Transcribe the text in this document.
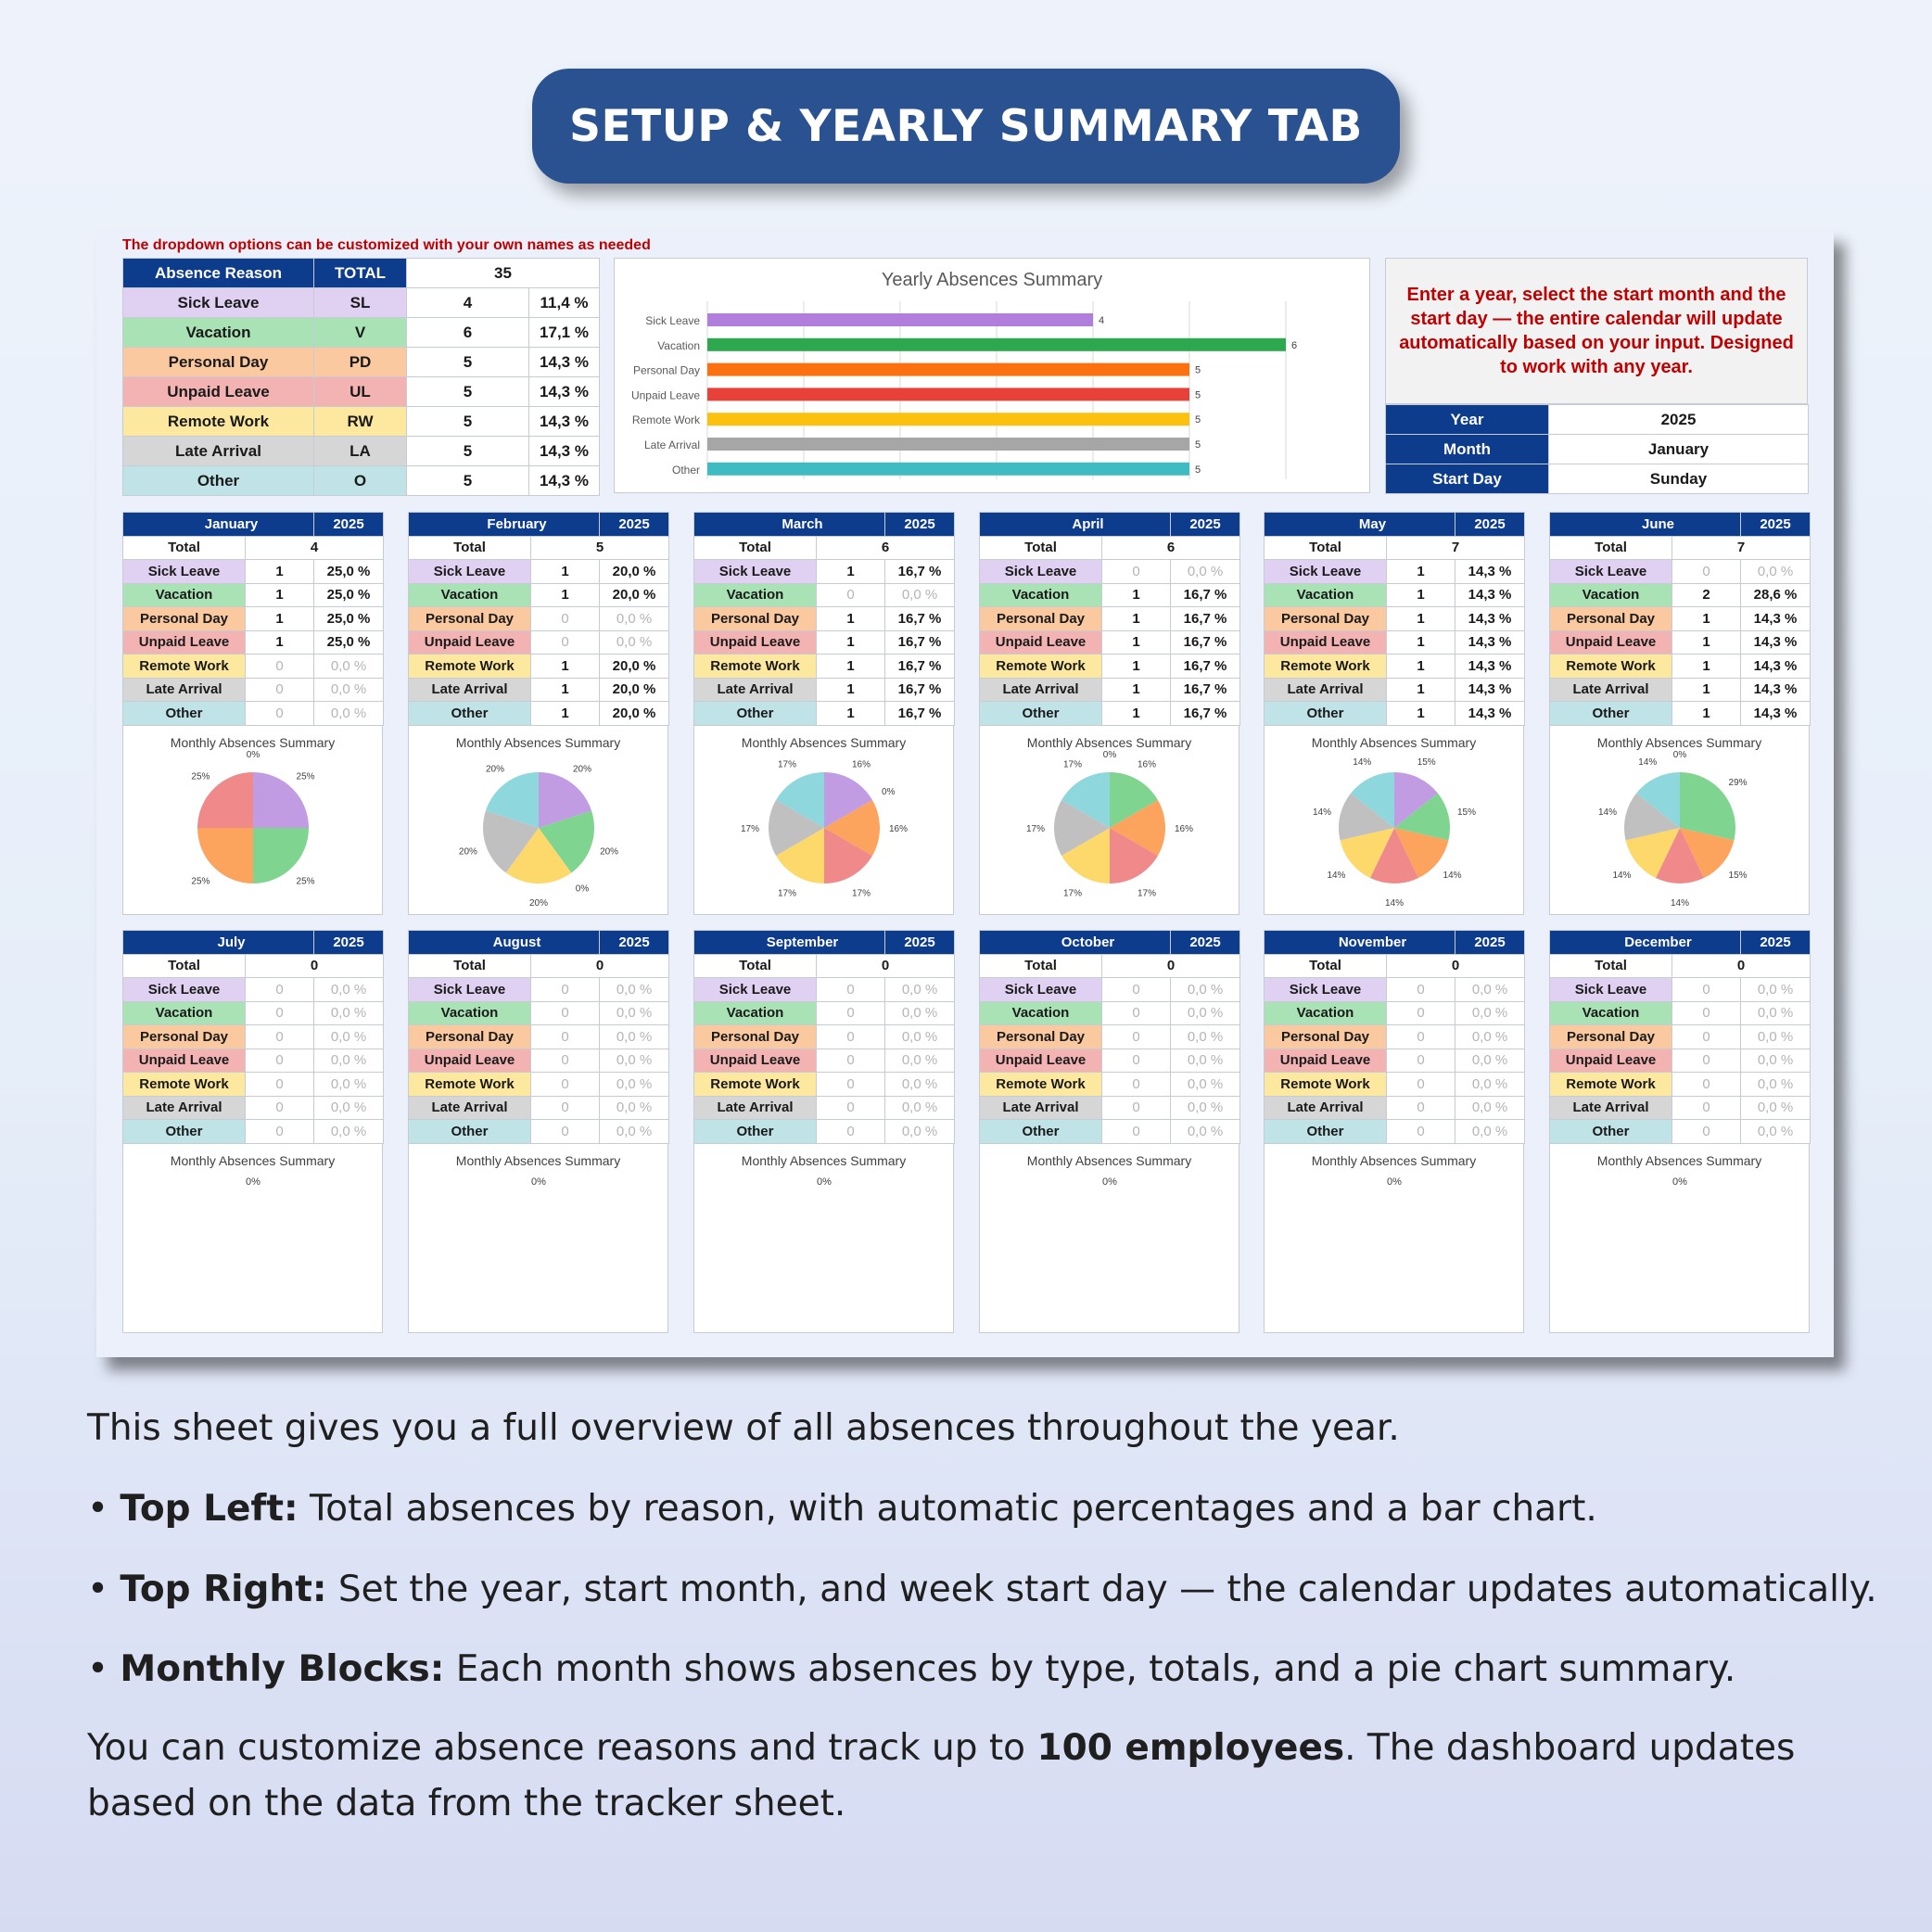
SETUP & YEARLY SUMMARY TAB
The dropdown options can be customized with your own names as needed
Absence Reason	TOTAL	35	
Sick Leave	SL	4	11,4 %
Vacation	V	6	17,1 %
Personal Day	PD	5	14,3 %
Unpaid Leave	UL	5	14,3 %
Remote Work	RW	5	14,3 %
Late Arrival	LA	5	14,3 %
Other	O	5	14,3 %
Yearly Absences Summary
Sick Leave	4
Vacation	6
Personal Day	5
Unpaid Leave	5
Remote Work	5
Late Arrival	5
Other	5
Enter a year, select the start month and the start day — the entire calendar will update automatically based on your input. Designed to work with any year.
Year	2025
Month	January
Start Day	Sunday
January		2025
Total	4	
Sick Leave	1	25,0 %
Vacation	1	25,0 %
Personal Day	1	25,0 %
Unpaid Leave	1	25,0 %
Remote Work	0	0,0 %
Late Arrival	0	0,0 %
Other	0	0,0 %
Monthly Absences Summary
25%
25%
25%
25%
0%
February		2025
Total	5	
Sick Leave	1	20,0 %
Vacation	1	20,0 %
Personal Day	0	0,0 %
Unpaid Leave	0	0,0 %
Remote Work	1	20,0 %
Late Arrival	1	20,0 %
Other	1	20,0 %
Monthly Absences Summary
20%
20%
0%
20%
20%
20%
March		2025
Total	6	
Sick Leave	1	16,7 %
Vacation	0	0,0 %
Personal Day	1	16,7 %
Unpaid Leave	1	16,7 %
Remote Work	1	16,7 %
Late Arrival	1	16,7 %
Other	1	16,7 %
Monthly Absences Summary
16%
0%
16%
17%
17%
17%
17%
April		2025
Total	6	
Sick Leave	0	0,0 %
Vacation	1	16,7 %
Personal Day	1	16,7 %
Unpaid Leave	1	16,7 %
Remote Work	1	16,7 %
Late Arrival	1	16,7 %
Other	1	16,7 %
Monthly Absences Summary
0%
16%
16%
17%
17%
17%
17%
May		2025
Total	7	
Sick Leave	1	14,3 %
Vacation	1	14,3 %
Personal Day	1	14,3 %
Unpaid Leave	1	14,3 %
Remote Work	1	14,3 %
Late Arrival	1	14,3 %
Other	1	14,3 %
Monthly Absences Summary
15%
15%
14%
14%
14%
14%
14%
June		2025
Total	7	
Sick Leave	0	0,0 %
Vacation	2	28,6 %
Personal Day	1	14,3 %
Unpaid Leave	1	14,3 %
Remote Work	1	14,3 %
Late Arrival	1	14,3 %
Other	1	14,3 %
Monthly Absences Summary
0%
29%
15%
14%
14%
14%
14%
July		2025
Total	0	
Sick Leave	0	0,0 %
Vacation	0	0,0 %
Personal Day	0	0,0 %
Unpaid Leave	0	0,0 %
Remote Work	0	0,0 %
Late Arrival	0	0,0 %
Other	0	0,0 %
Monthly Absences Summary
0%
August		2025
Total	0	
Sick Leave	0	0,0 %
Vacation	0	0,0 %
Personal Day	0	0,0 %
Unpaid Leave	0	0,0 %
Remote Work	0	0,0 %
Late Arrival	0	0,0 %
Other	0	0,0 %
Monthly Absences Summary
0%
September		2025
Total	0	
Sick Leave	0	0,0 %
Vacation	0	0,0 %
Personal Day	0	0,0 %
Unpaid Leave	0	0,0 %
Remote Work	0	0,0 %
Late Arrival	0	0,0 %
Other	0	0,0 %
Monthly Absences Summary
0%
October		2025
Total	0	
Sick Leave	0	0,0 %
Vacation	0	0,0 %
Personal Day	0	0,0 %
Unpaid Leave	0	0,0 %
Remote Work	0	0,0 %
Late Arrival	0	0,0 %
Other	0	0,0 %
Monthly Absences Summary
0%
November		2025
Total	0	
Sick Leave	0	0,0 %
Vacation	0	0,0 %
Personal Day	0	0,0 %
Unpaid Leave	0	0,0 %
Remote Work	0	0,0 %
Late Arrival	0	0,0 %
Other	0	0,0 %
Monthly Absences Summary
0%
December		2025
Total	0	
Sick Leave	0	0,0 %
Vacation	0	0,0 %
Personal Day	0	0,0 %
Unpaid Leave	0	0,0 %
Remote Work	0	0,0 %
Late Arrival	0	0,0 %
Other	0	0,0 %
Monthly Absences Summary
0%
This sheet gives you a full overview of all absences throughout the year.
• Top Left: Total absences by reason, with automatic percentages and a bar chart.
• Top Right: Set the year, start month, and week start day — the calendar updates automatically.
• Monthly Blocks: Each month shows absences by type, totals, and a pie chart summary.
You can customize absence reasons and track up to 100 employees. The dashboard updates
based on the data from the tracker sheet.
